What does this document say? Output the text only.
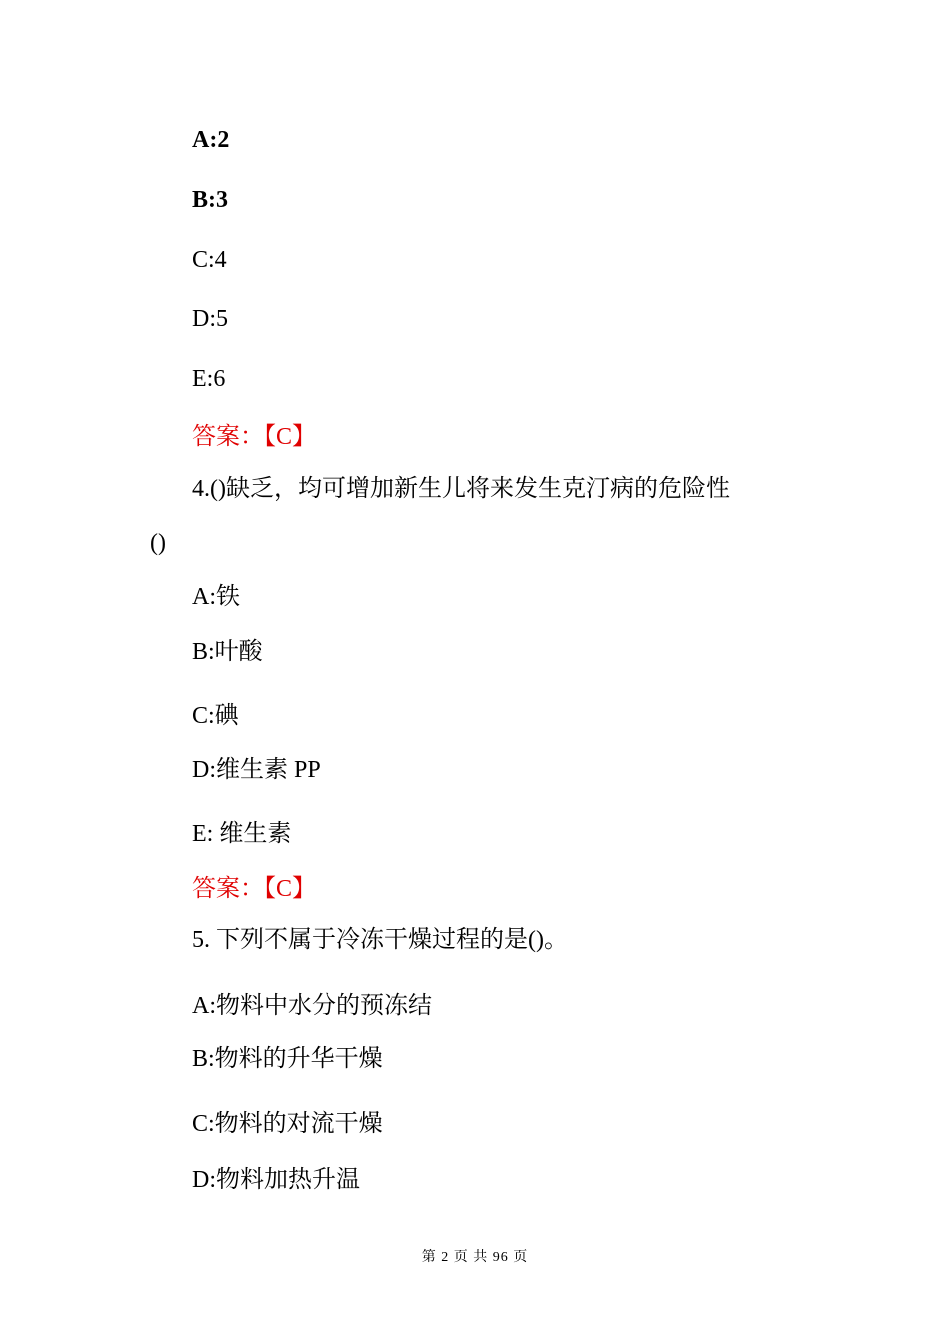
A:2
B:3
C:4
D:5
E:6
答案：【C】
4.()缺乏，均可增加新生儿将来发生克汀病的危险性
()
A:铁
B:叶酸
C:碘
D:维生素 PP
E: 维生素
答案：【C】
5. 下列不属于冷冻干燥过程的是()。
A:物料中水分的预冻结
B:物料的升华干燥
C:物料的对流干燥
D:物料加热升温
第 2 页 共 96 页
